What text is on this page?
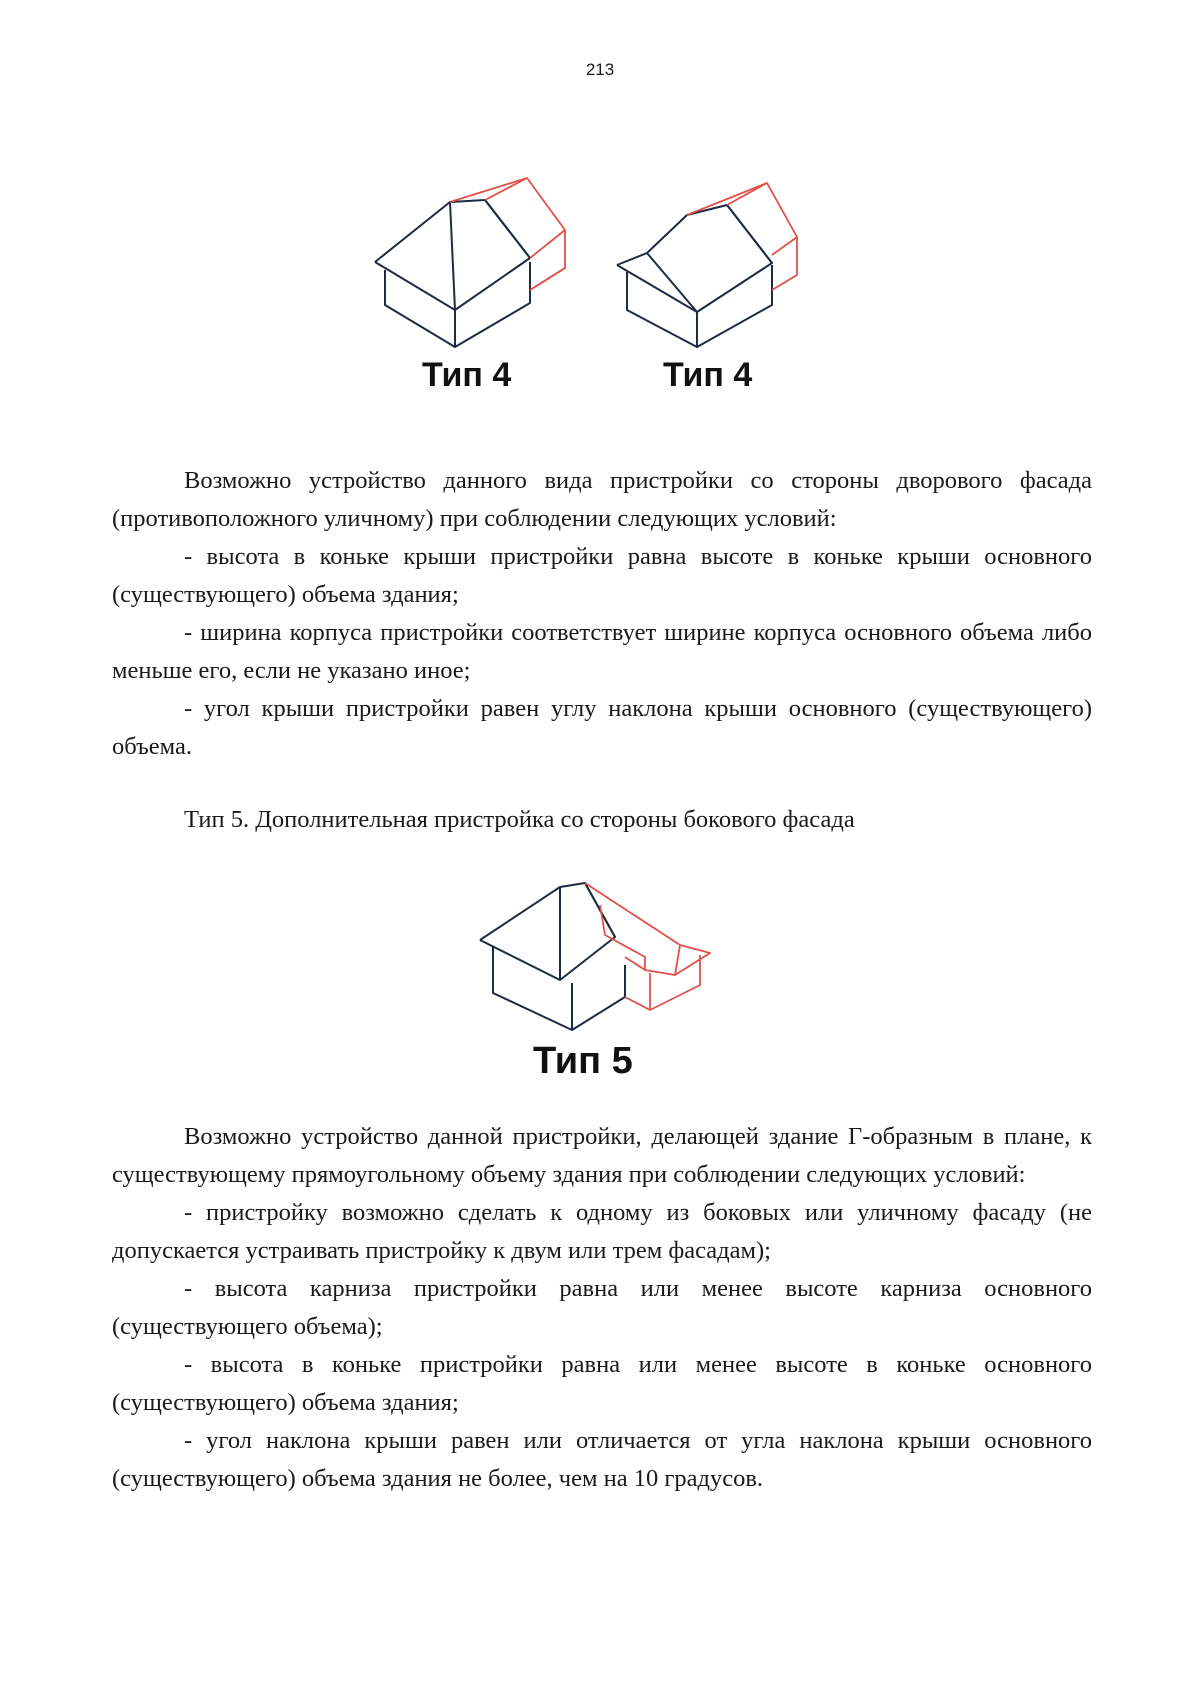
213
Тип 4	Тип 4

Возможно устройство данного вида пристройки со стороны дворового фасада (противоположного уличному) при соблюдении следующих условий:

- высота в коньке крыши пристройки равна высоте в коньке крыши основного (существующего) объема здания;

- ширина корпуса пристройки соответствует ширине корпуса основного объема либо меньше его, если не указано иное;

- угол крыши пристройки равен углу наклона крыши основного (существующего) объема.

Тип 5. Дополнительная пристройка со стороны бокового фасада
Тип 5

Возможно устройство данной пристройки, делающей здание Г-образным в плане, к существующему прямоугольному объему здания при соблюдении следующих условий:

- пристройку возможно сделать к одному из боковых или уличному фасаду (не допускается устраивать пристройку к двум или трем фасадам);

- высота карниза пристройки равна или менее высоте карниза основного (существующего объема);

- высота в коньке пристройки равна или менее высоте в коньке основного (существующего) объема здания;

- угол наклона крыши равен или отличается от угла наклона крыши основного (существующего) объема здания не более, чем на 10 градусов.
